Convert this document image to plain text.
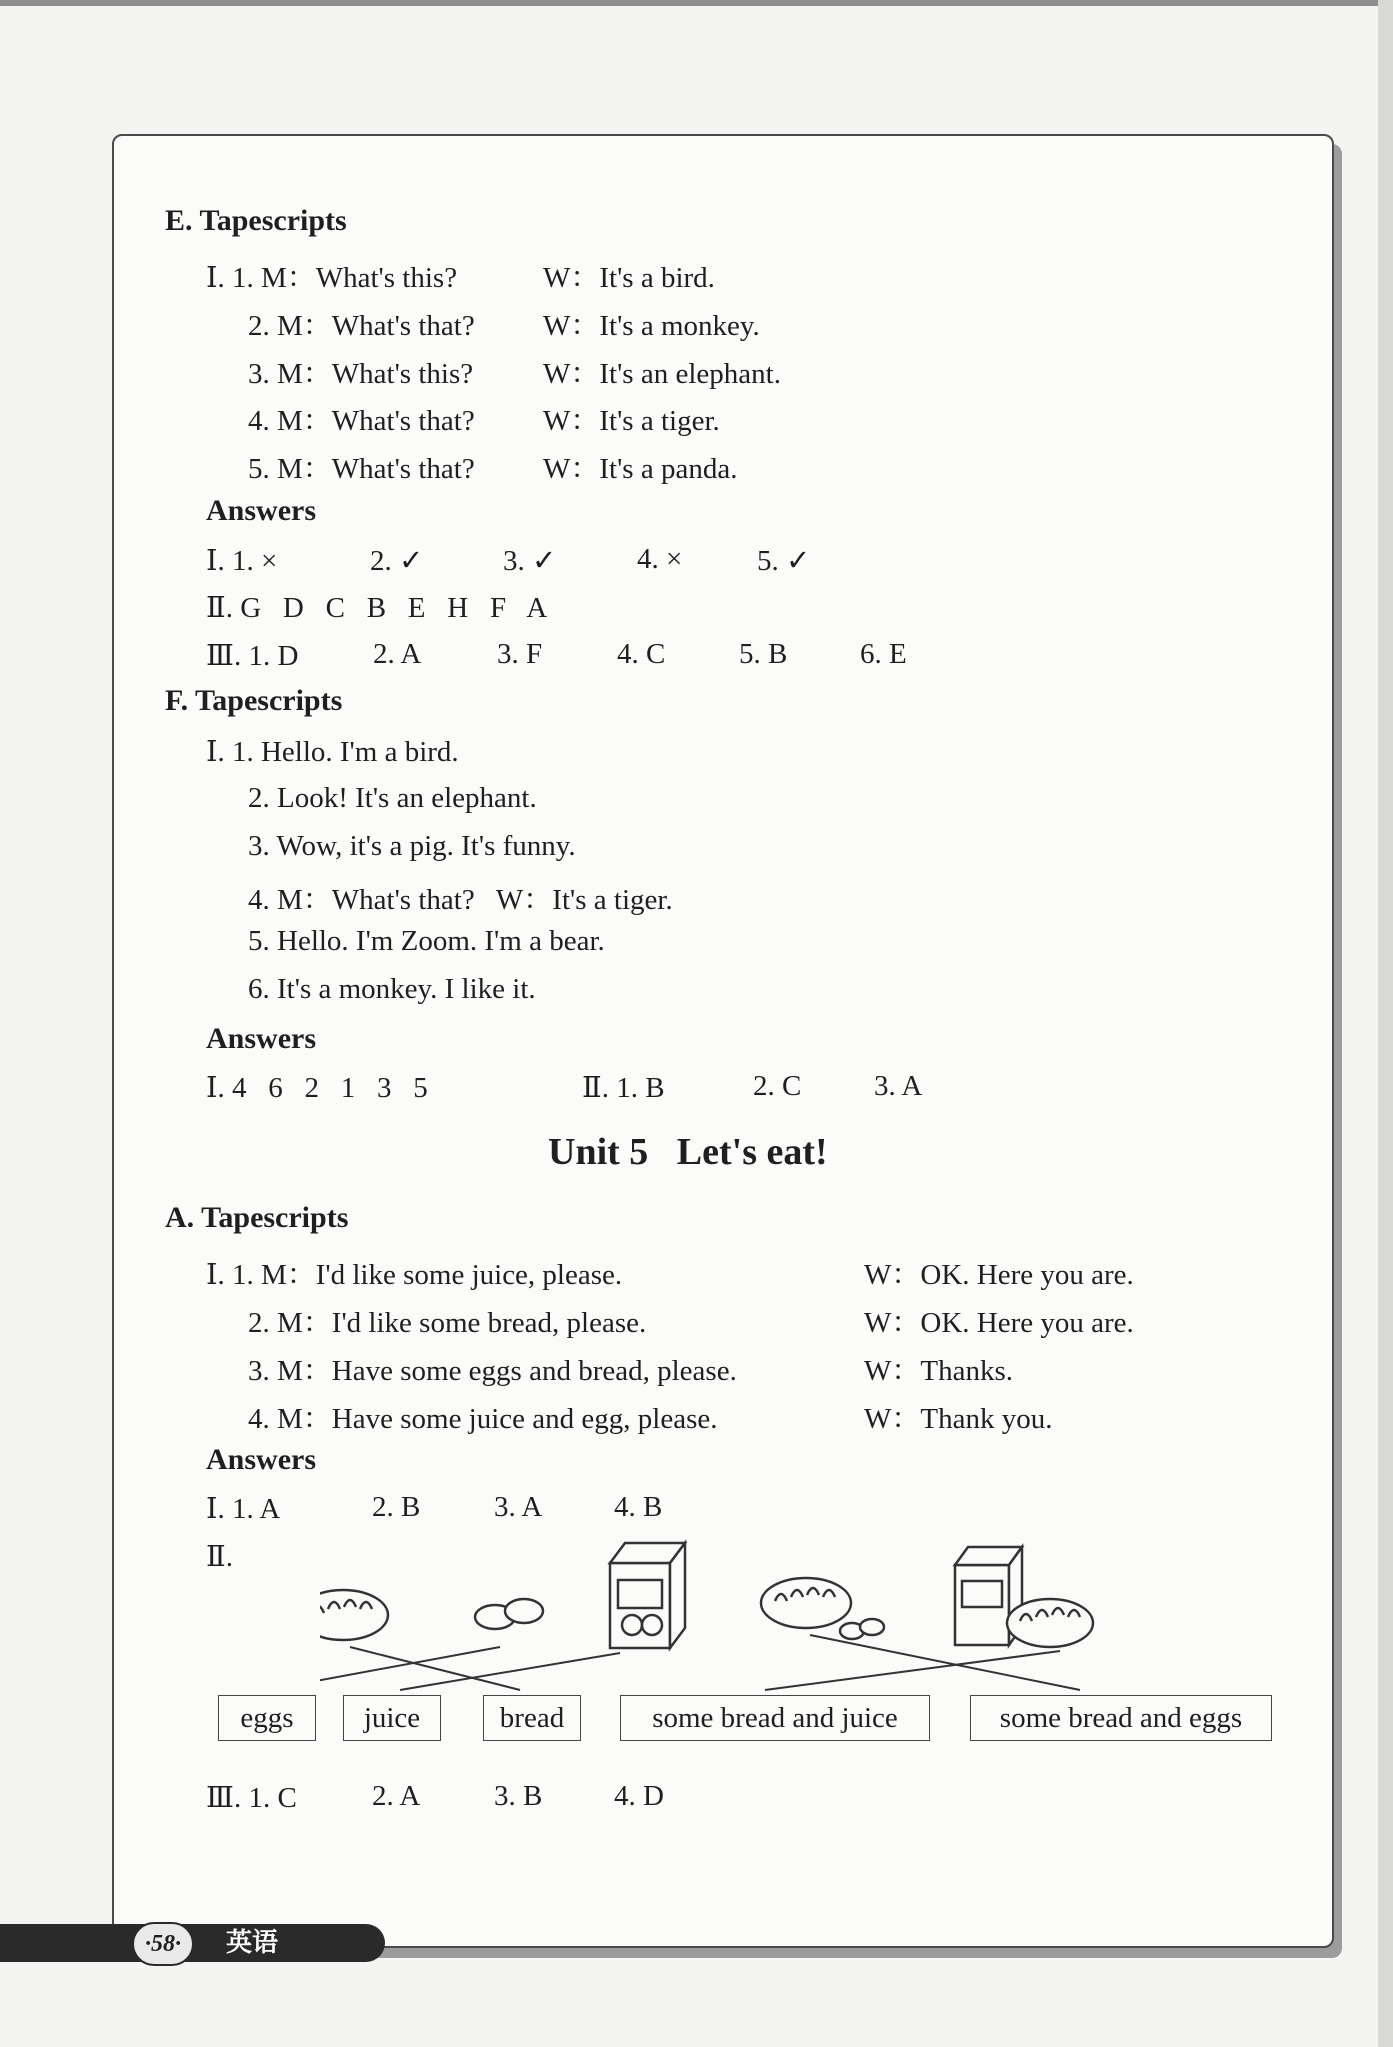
E. Tapescripts
Ⅰ. 1. M：What's this?	W：It's a bird.
2. M：What's that? W：It's a monkey.
3. M：What's this? W：It's an elephant.
4. M：What's that? W：It's a tiger.
5. M：What's that? W：It's a panda.
Answers
Ⅰ. 1. ×	2. ✓	3. ✓	4. ×	5. ✓
Ⅱ. G   D   C   B   E   H   F   A
Ⅲ. 1. D	2. A	3. F	4. C	5. B	6. E
F. Tapescripts
Ⅰ. 1. Hello. I'm a bird.
2. Look! It's an elephant.
3. Wow, it's a pig. It's funny.
4. M：What's that?   W：It's a tiger.
5. Hello. I'm Zoom. I'm a bear.
6. It's a monkey. I like it.
Answers
Ⅰ. 4   6   2   1   3   5	Ⅱ. 1. B	2. C	3. A
Unit 5   Let's eat!
A. Tapescripts
Ⅰ. 1. M：I'd like some juice, please.	W：OK. Here you are.
2. M：I'd like some bread, please.	W：OK. Here you are.
3. M：Have some eggs and bread, please.	W：Thanks.
4. M：Have some juice and egg, please.	W：Thank you.
Answers
Ⅰ. 1. A	2. B	3. A 4. B
Ⅱ.
eggs	juice	bread	some bread and juice	some bread and eggs
Ⅲ. 1. C	2. A	3. B 4. D
·58·	英语
